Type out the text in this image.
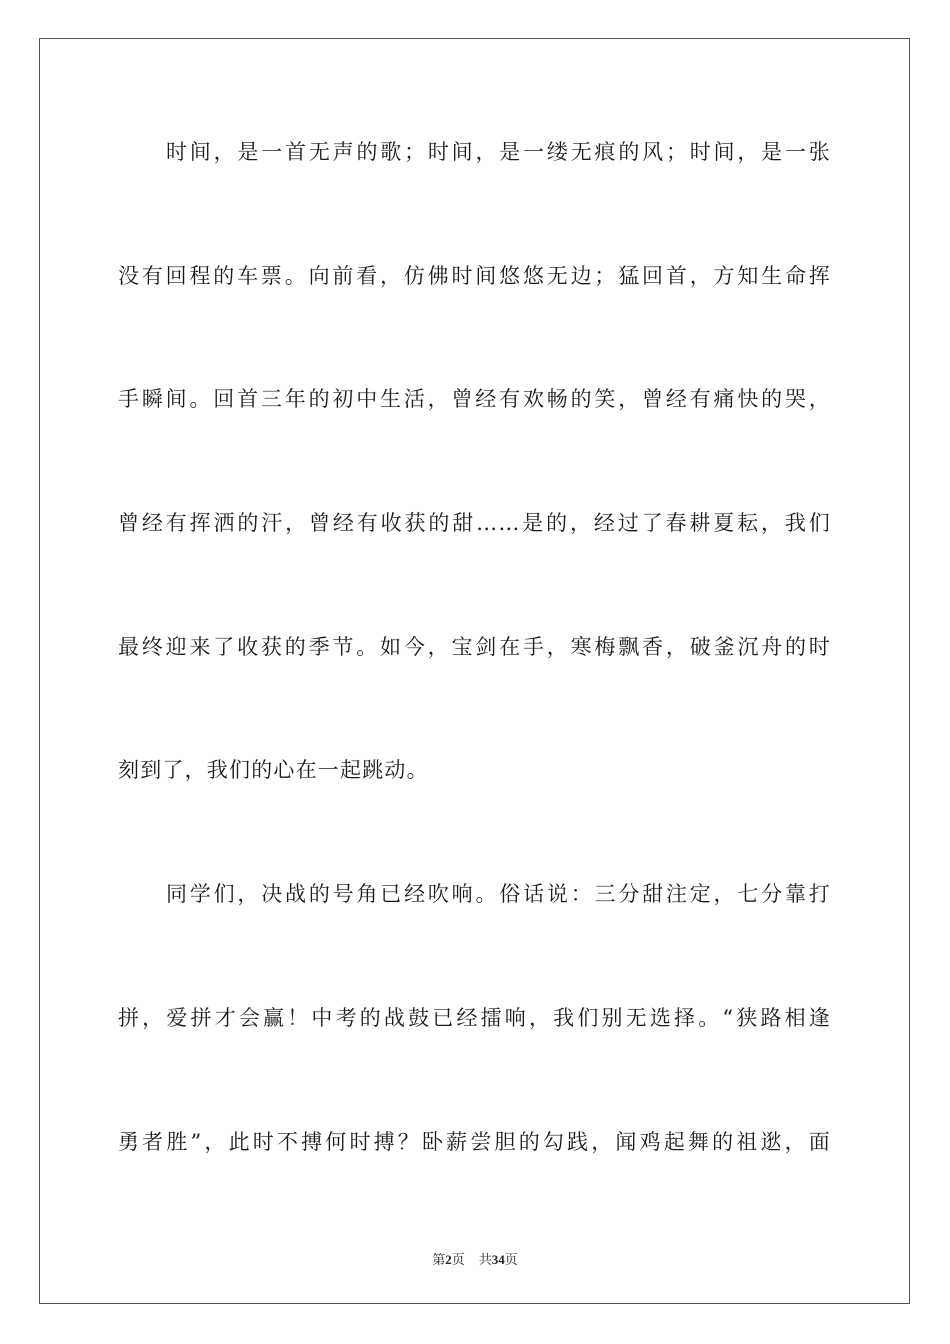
时间，是一首无声的歌；时间，是一缕无痕的风；时间，是一张
没有回程的车票。向前看，仿佛时间悠悠无边；猛回首，方知生命挥
手瞬间。回首三年的初中生活，曾经有欢畅的笑，曾经有痛快的哭，
曾经有挥洒的汗，曾经有收获的甜……是的，经过了春耕夏耘，我们
最终迎来了收获的季节。如今，宝剑在手，寒梅飘香，破釜沉舟的时
刻到了，我们的心在一起跳动。
同学们，决战的号角已经吹响。俗话说：三分甜注定，七分靠打
拼，爱拼才会赢！中考的战鼓已经擂响，我们别无选择。“狭路相逢
勇者胜”，此时不搏何时搏？卧薪尝胆的勾践，闻鸡起舞的祖逖，面
第2页 共34页
